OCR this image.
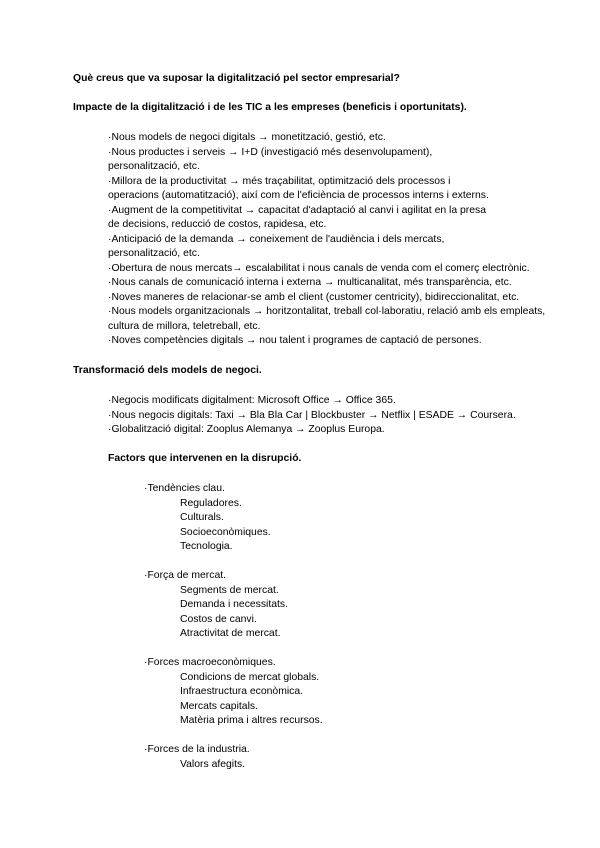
Què creus que va suposar la digitalització pel sector empresarial?
Impacte de la digitalització i de les TIC a les empreses (beneficis i oportunitats).
·Nous models de negoci digitals → monetització, gestió, etc.
·Nous productes i serveis → I+D (investigació més desenvolupament),
personalització, etc.
·Millora de la productivitat → més traçabilitat, optimització dels processos i
operacions (automatització), així com de l'eficiència de processos interns i externs.
·Augment de la competitivitat → capacitat d'adaptació al canvi i agilitat en la presa
de decisions, reducció de costos, rapidesa, etc.
·Anticipació de la demanda → coneixement de l'audiència i dels mercats,
personalització, etc.
·Obertura de nous mercats→ escalabilitat i nous canals de venda com el comerç electrònic.
·Nous canals de comunicació interna i externa → multicanalitat, més transparència, etc.
·Noves maneres de relacionar-se amb el client (customer centricity), bidireccionalitat, etc.
·Nous models organitzacionals → horitzontalitat, treball col·laboratiu, relació amb els empleats,
cultura de millora, teletreball, etc.
·Noves competències digitals → nou talent i programes de captació de persones.
Transformació dels models de negoci.
·Negocis modificats digitalment: Microsoft Office → Office 365.
·Nous negocis digitals: Taxi → Bla Bla Car | Blockbuster → Netflix | ESADE → Coursera.
·Globalització digital: Zooplus Alemanya → Zooplus Europa.
Factors que intervenen en la disrupció.
·Tendències clau.
Reguladores.
Culturals.
Socioeconòmiques.
Tecnologia.
·Força de mercat.
Segments de mercat.
Demanda i necessitats.
Costos de canvi.
Atractivitat de mercat.
·Forces macroeconòmiques.
Condicions de mercat globals.
Infraestructura econòmica.
Mercats capitals.
Matèria prima i altres recursos.
·Forces de la industria.
Valors afegits.
